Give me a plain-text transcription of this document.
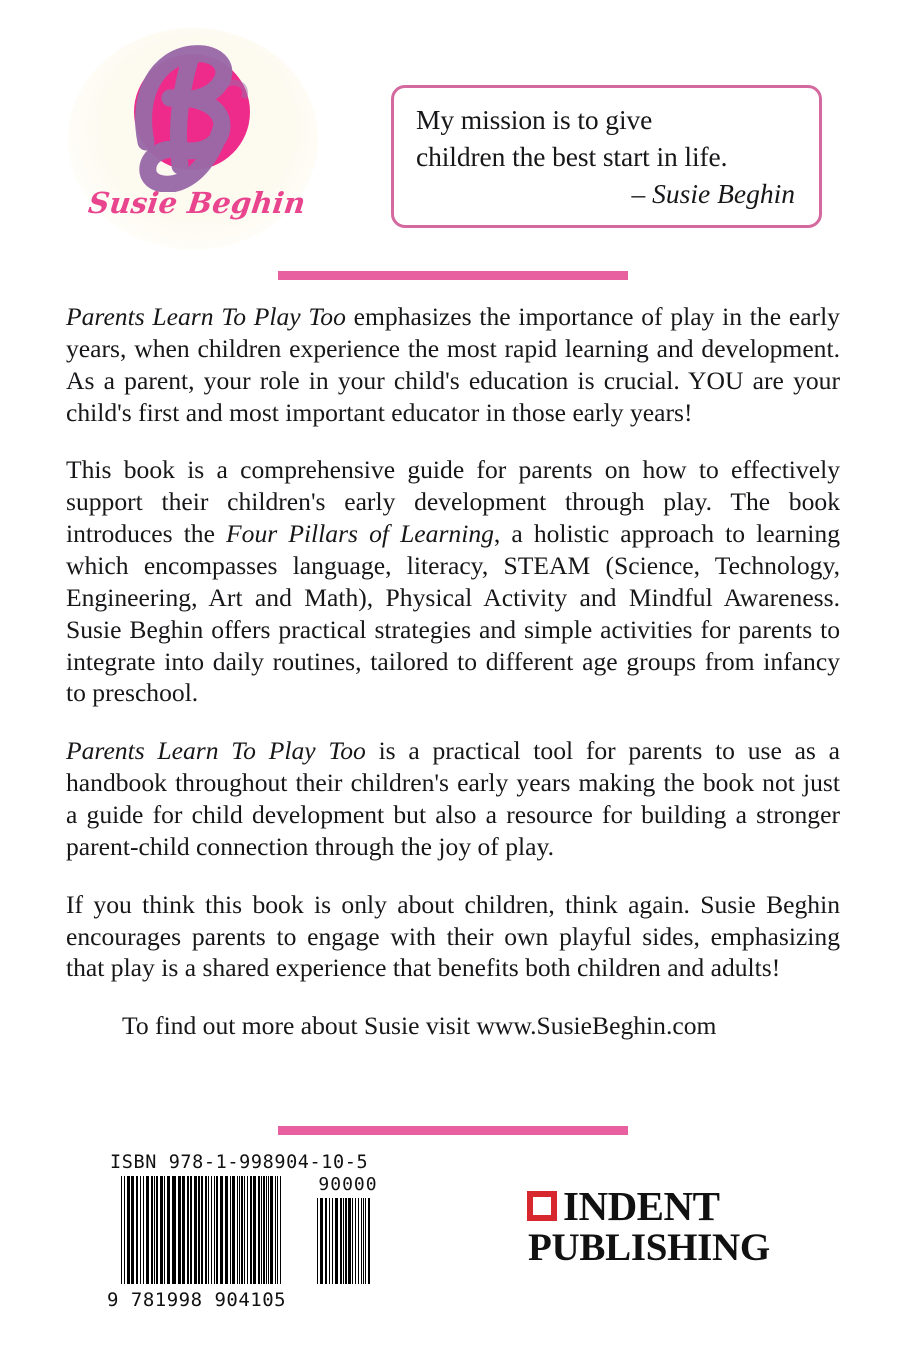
Susie Beghin
My mission is to give
children the best start in life.
– Susie Beghin

Parents Learn To Play Too emphasizes the importance of play in the early years, when children experience the most rapid learning and development. As a parent, your role in your child's education is crucial. YOU are your child's first and most important educator in those early years!

This book is a comprehensive guide for parents on how to effectively support their children's early development through play. The book introduces the Four Pillars of Learning, a holistic approach to learning which encompasses language, literacy, STEAM (Science, Technology, Engineering, Art and Math), Physical Activity and Mindful Awareness. Susie Beghin offers practical strategies and simple activities for parents to integrate into daily routines, tailored to different age groups from infancy to preschool.

Parents Learn To Play Too is a practical tool for parents to use as a handbook throughout their children's early years making the book not just a guide for child development but also a resource for building a stronger parent-child connection through the joy of play.

If you think this book is only about children, think again. Susie Beghin encourages parents to engage with their own playful sides, emphasizing that play is a shared experience that benefits both children and adults!

To find out more about Susie visit www.SusieBeghin.com

ISBN 978-1-998904-10-5
90000
9 781998 904105
INDENT
PUBLISHING
